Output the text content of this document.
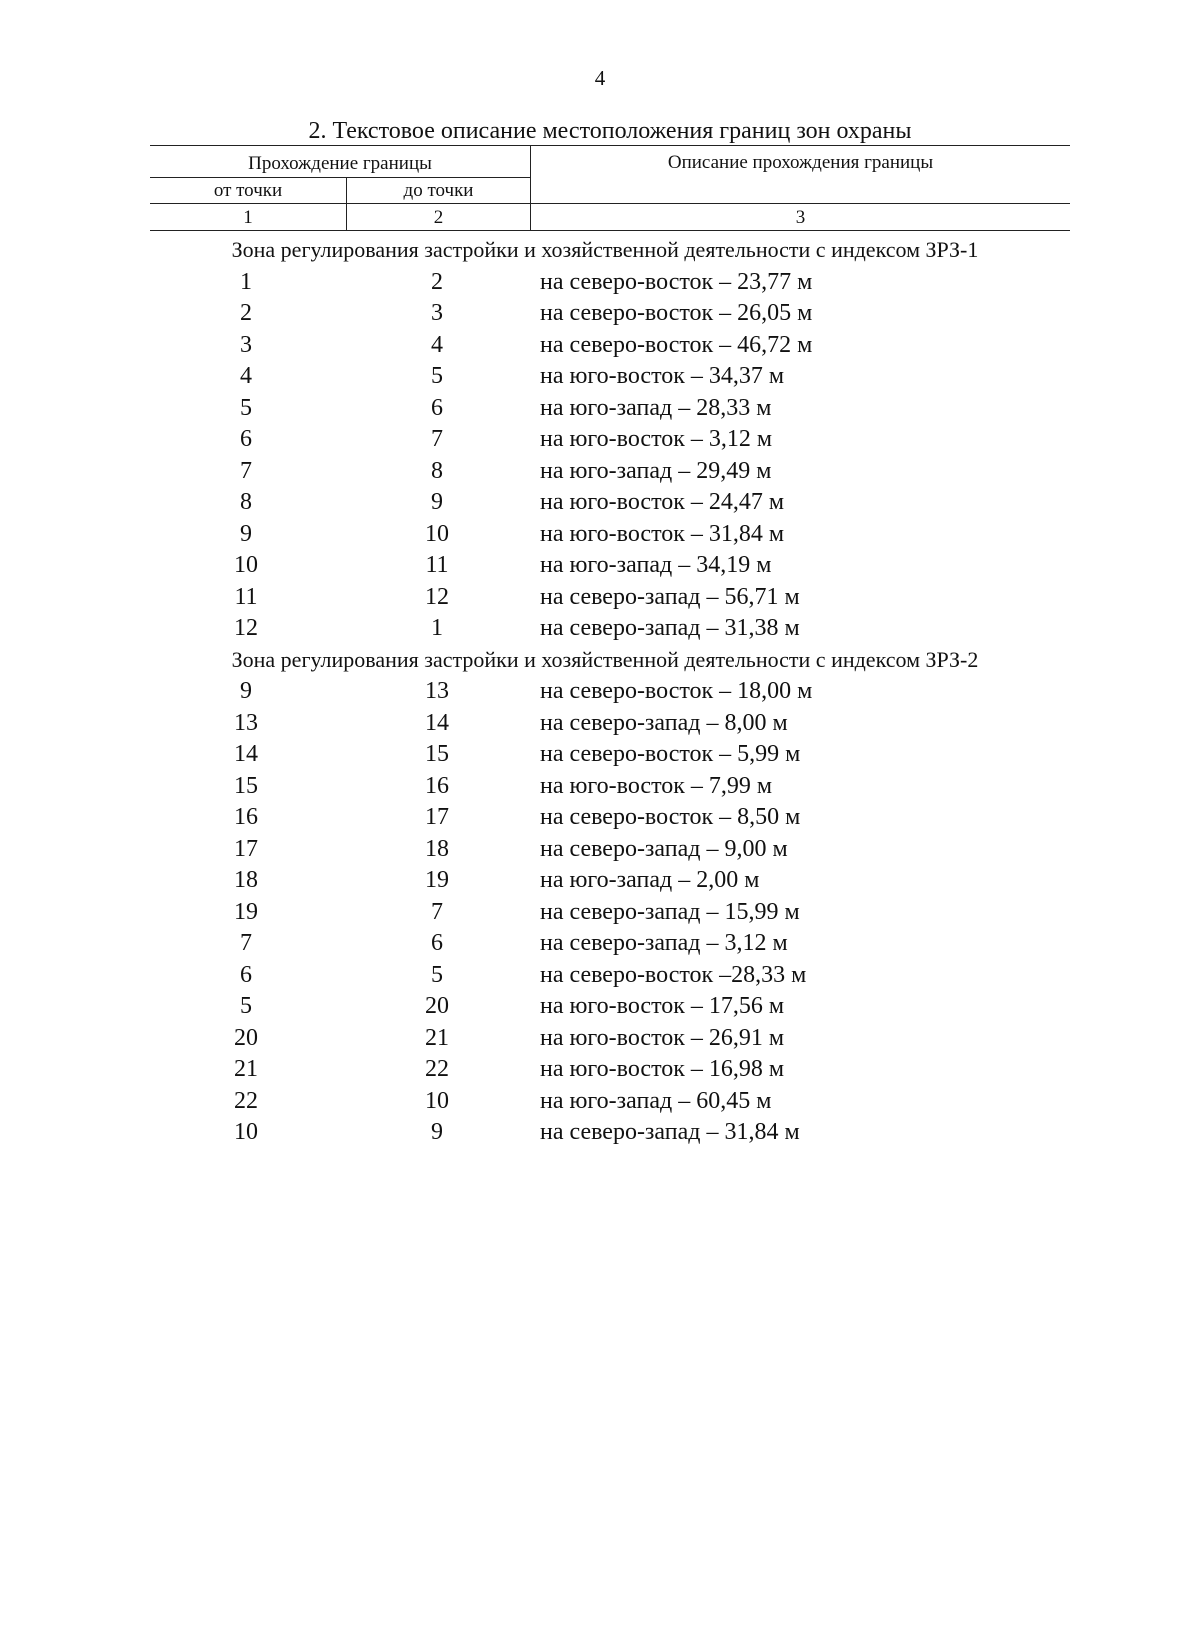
4
2. Текстовое описание местоположения границ зон охраны
Прохождение границы	Описание прохождения границы
от точки	до точки
1	2	3
Зона регулирования застройки и хозяйственной деятельности с индексом ЗРЗ-1
1	2	на северо-восток – 23,77 м
2	3	на северо-восток – 26,05 м
3	4	на северо-восток – 46,72 м
4	5	на юго-восток – 34,37 м
5	6	на юго-запад – 28,33 м
6	7	на юго-восток – 3,12 м
7	8	на юго-запад – 29,49 м
8	9	на юго-восток – 24,47 м
9	10	на юго-восток – 31,84 м
10	11	на юго-запад – 34,19 м
11	12	на северо-запад – 56,71 м
12	1	на северо-запад – 31,38 м
Зона регулирования застройки и хозяйственной деятельности с индексом ЗРЗ-2
9	13	на северо-восток – 18,00 м
13	14	на северо-запад – 8,00 м
14	15	на северо-восток – 5,99 м
15	16	на юго-восток – 7,99 м
16	17	на северо-восток – 8,50 м
17	18	на северо-запад – 9,00 м
18	19	на юго-запад – 2,00 м
19	7	на северо-запад – 15,99 м
7	6	на северо-запад – 3,12 м
6	5	на северо-восток –28,33 м
5	20	на юго-восток – 17,56 м
20	21	на юго-восток – 26,91 м
21	22	на юго-восток – 16,98 м
22	10	на юго-запад – 60,45 м
10	9	на северо-запад – 31,84 м
